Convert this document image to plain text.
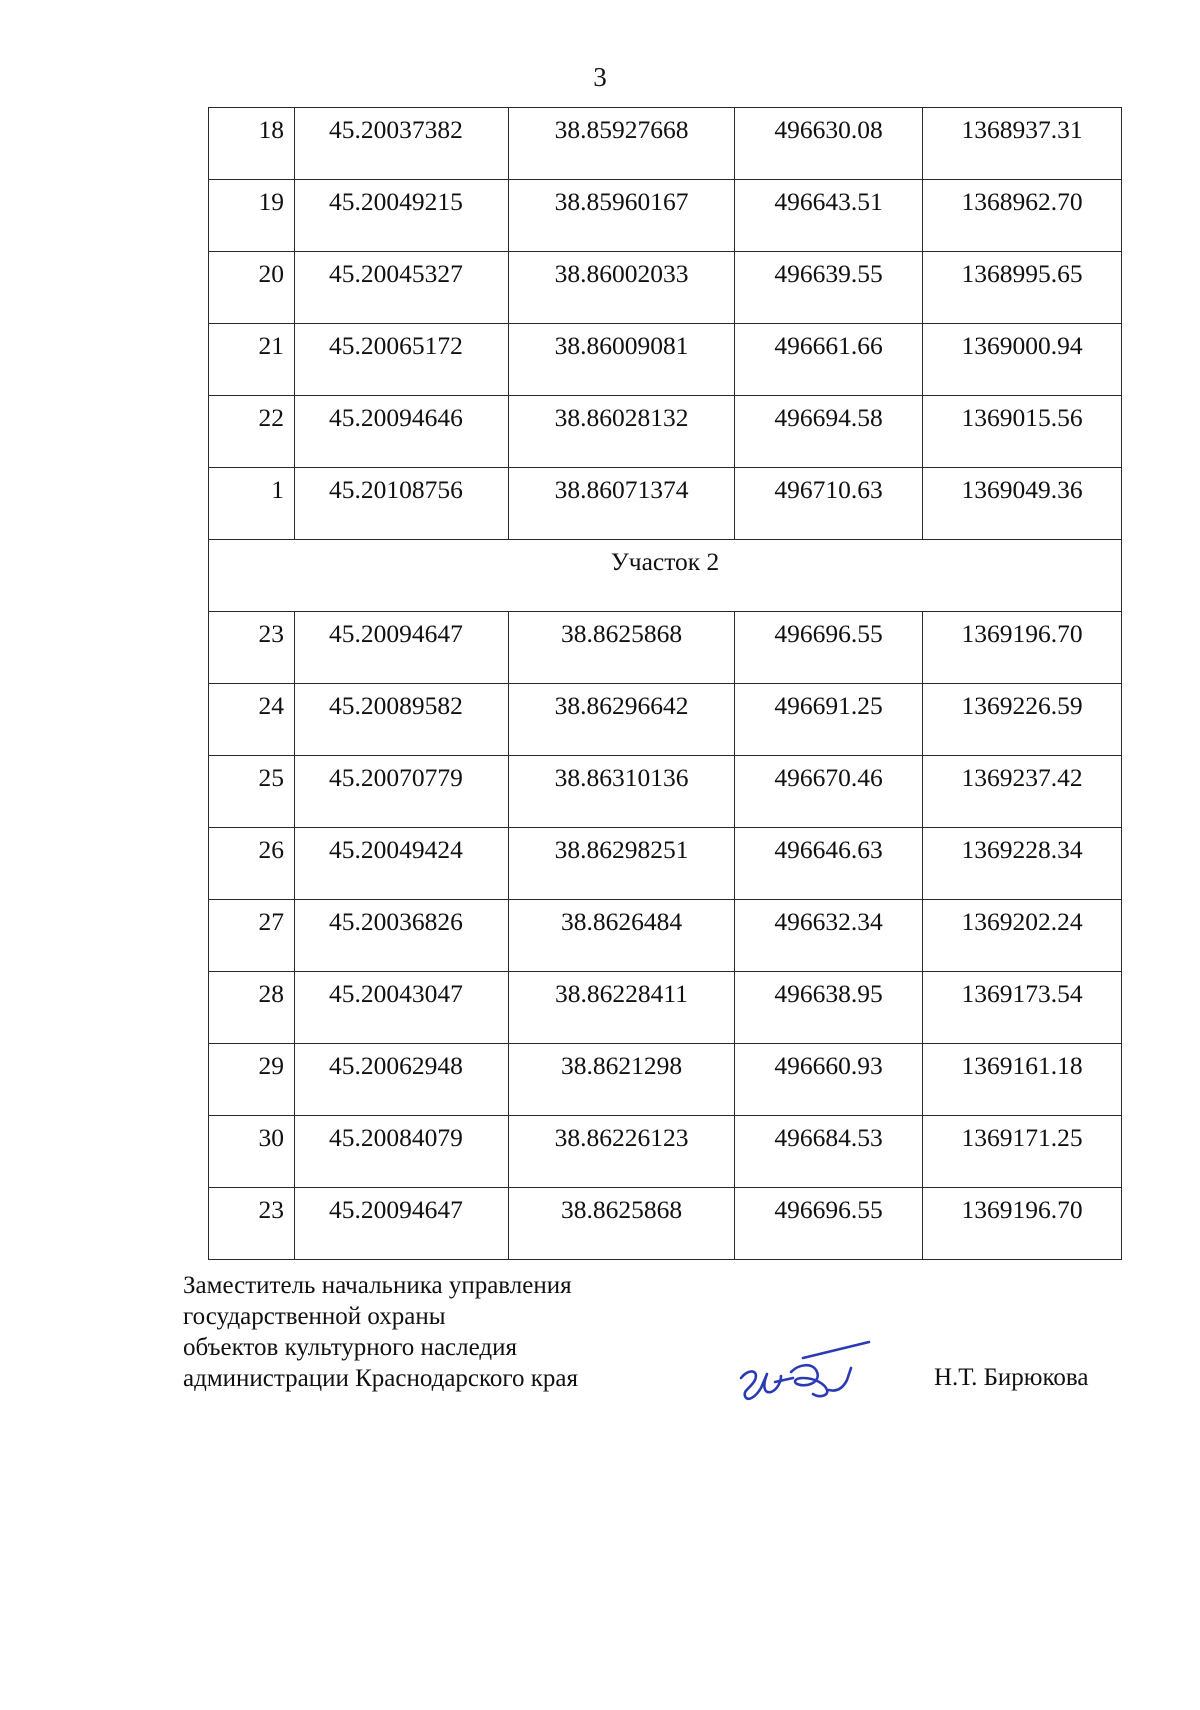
3
18	45.20037382	38.85927668	496630.08	1368937.31
19	45.20049215	38.85960167	496643.51	1368962.70
20	45.20045327	38.86002033	496639.55	1368995.65
21	45.20065172	38.86009081	496661.66	1369000.94
22	45.20094646	38.86028132	496694.58	1369015.56
1	45.20108756	38.86071374	496710.63	1369049.36
Участок 2				
23	45.20094647	38.8625868	496696.55	1369196.70
24	45.20089582	38.86296642	496691.25	1369226.59
25	45.20070779	38.86310136	496670.46	1369237.42
26	45.20049424	38.86298251	496646.63	1369228.34
27	45.20036826	38.8626484	496632.34	1369202.24
28	45.20043047	38.86228411	496638.95	1369173.54
29	45.20062948	38.8621298	496660.93	1369161.18
30	45.20084079	38.86226123	496684.53	1369171.25
23	45.20094647	38.8625868	496696.55	1369196.70
Заместитель начальника управления
государственной охраны
объектов культурного наследия
администрации Краснодарского края	Н.Т. Бирюкова
